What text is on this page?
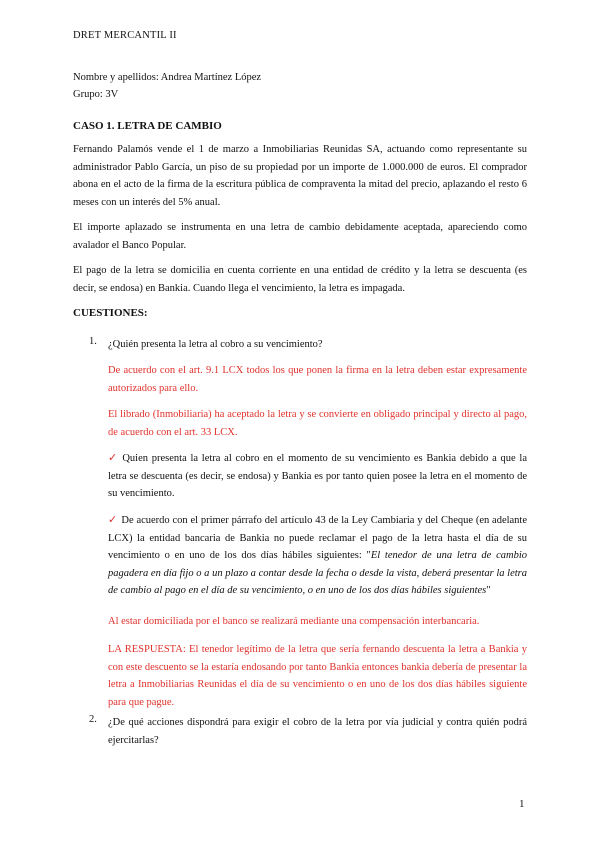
DRET MERCANTIL II
Nombre y apellidos: Andrea Martínez López
Grupo: 3V
CASO 1. LETRA DE CAMBIO
Fernando Palamós vende el 1 de marzo a Inmobiliarias Reunidas SA, actuando como representante su administrador Pablo García, un piso de su propiedad por un importe de 1.000.000 de euros. El comprador abona en el acto de la firma de la escritura pública de compraventa la mitad del precio, aplazando el resto 6 meses con un interés del 5% anual.
El importe aplazado se instrumenta en una letra de cambio debidamente aceptada, apareciendo como avalador el Banco Popular.
El pago de la letra se domicilia en cuenta corriente en una entidad de crédito y la letra se descuenta (es decir, se endosa) en Bankia. Cuando llega el vencimiento, la letra es impagada.
CUESTIONES:
1. ¿Quién presenta la letra al cobro a su vencimiento?
De acuerdo con el art. 9.1 LCX todos los que ponen la firma en la letra deben estar expresamente autorizados para ello.
El librado (Inmobiliaria) ha aceptado la letra y se convierte en obligado principal y directo al pago, de acuerdo con el art. 33 LCX.
✓ Quien presenta la letra al cobro en el momento de su vencimiento es Bankia debido a que la letra se descuenta (es decir, se endosa) y Bankia es por tanto quien posee la letra en el momento de su vencimiento.
✓ De acuerdo con el primer párrafo del artículo 43 de la Ley Cambiaria y del Cheque (en adelante LCX) la entidad bancaria de Bankia no puede reclamar el pago de la letra hasta el día de su vencimiento o en uno de los dos días hábiles siguientes: "El tenedor de una letra de cambio pagadera en día fijo o a un plazo a contar desde la fecha o desde la vista, deberá presentar la letra de cambio al pago en el día de su vencimiento, o en uno de los dos días hábiles siguientes"
Al estar domiciliada por el banco se realizará mediante una compensación interbancaria.
LA RESPUESTA: El tenedor legítimo de la letra que sería fernando descuenta la letra a Bankia y con este descuento se la estaría endosando por tanto Bankia entonces bankia debería de presentar la letra a Inmobiliarias Reunidas el día de su vencimiento o en uno de los dos días hábiles siguiente para que pague.
2. ¿De qué acciones dispondrá para exigir el cobro de la letra por vía judicial y contra quién podrá ejercitarlas?
1
